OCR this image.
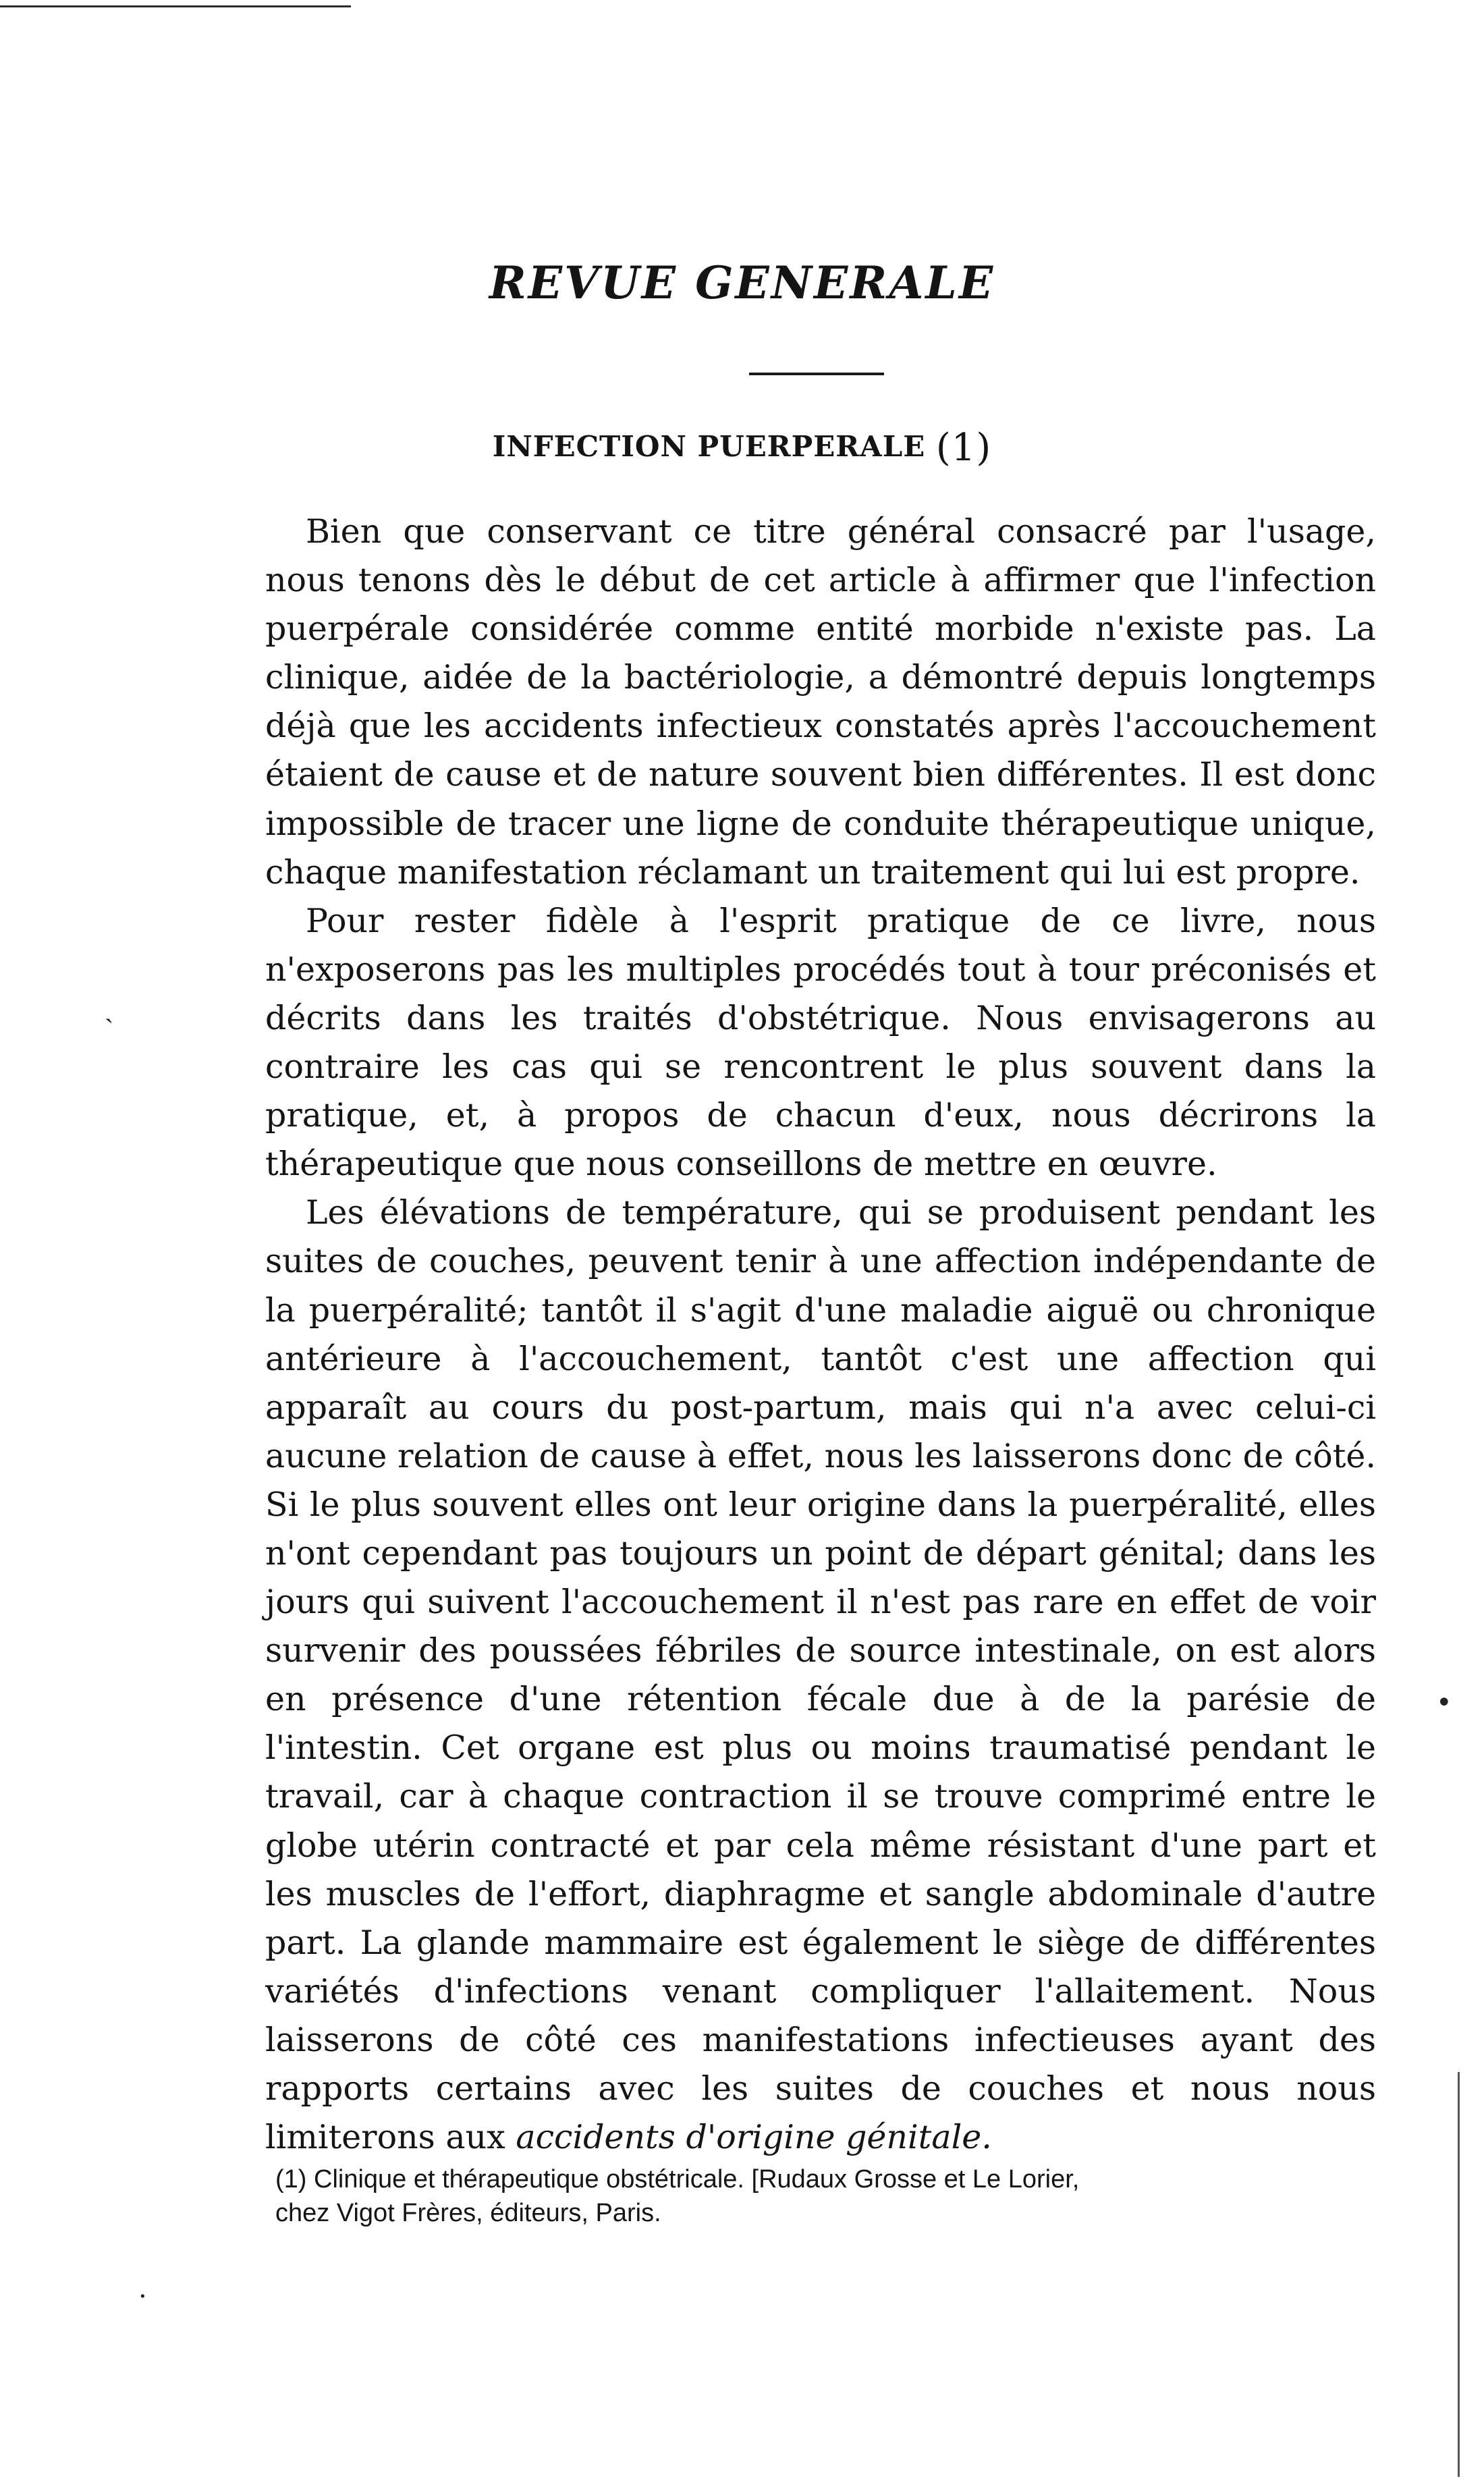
REVUE GENERALE
INFECTION PUERPERALE (1)

Bien que conservant ce titre général consacré par l'usage, nous tenons dès le début de cet article à affirmer que l'infection puerpérale considérée comme entité morbide n'existe pas. La clinique, aidée de la bactériologie, a démontré depuis longtemps déjà que les accidents infectieux constatés après l'accouchement étaient de cause et de nature souvent bien différentes. Il est donc impossible de tracer une ligne de conduite thérapeutique unique, chaque manifestation réclamant un traitement qui lui est propre.

Pour rester fidèle à l'esprit pratique de ce livre, nous n'exposerons pas les multiples procédés tout à tour préconisés et décrits dans les traités d'obstétrique. Nous envisagerons au contraire les cas qui se rencontrent le plus souvent dans la pratique, et, à propos de chacun d'eux, nous décrirons la thérapeutique que nous conseillons de mettre en œuvre.

Les élévations de température, qui se produisent pendant les suites de couches, peuvent tenir à une affection indépendante de la puerpéralité; tantôt il s'agit d'une maladie aiguë ou chronique antérieure à l'accouchement, tantôt c'est une affection qui apparaît au cours du post-partum, mais qui n'a avec celui-ci aucune relation de cause à effet, nous les laisserons donc de côté. Si le plus souvent elles ont leur origine dans la puerpéralité, elles n'ont cependant pas toujours un point de départ génital; dans les jours qui suivent l'accouchement il n'est pas rare en effet de voir survenir des poussées fébriles de source intestinale, on est alors en présence d'une rétention fécale due à de la parésie de l'intestin. Cet organe est plus ou moins traumatisé pendant le travail, car à chaque contraction il se trouve comprimé entre le globe utérin contracté et par cela même résistant d'une part et les muscles de l'effort, diaphragme et sangle abdominale d'autre part. La glande mammaire est également le siège de différentes variétés d'infections venant compliquer l'allaitement. Nous laisserons de côté ces manifestations infectieuses ayant des rapports certains avec les suites de couches et nous nous limiterons aux accidents d'origine génitale.

(1) Clinique et thérapeutique obstétricale. [Rudaux Grosse et Le Lorier,
chez Vigot Frères, éditeurs, Paris.
ˎ
•
·
